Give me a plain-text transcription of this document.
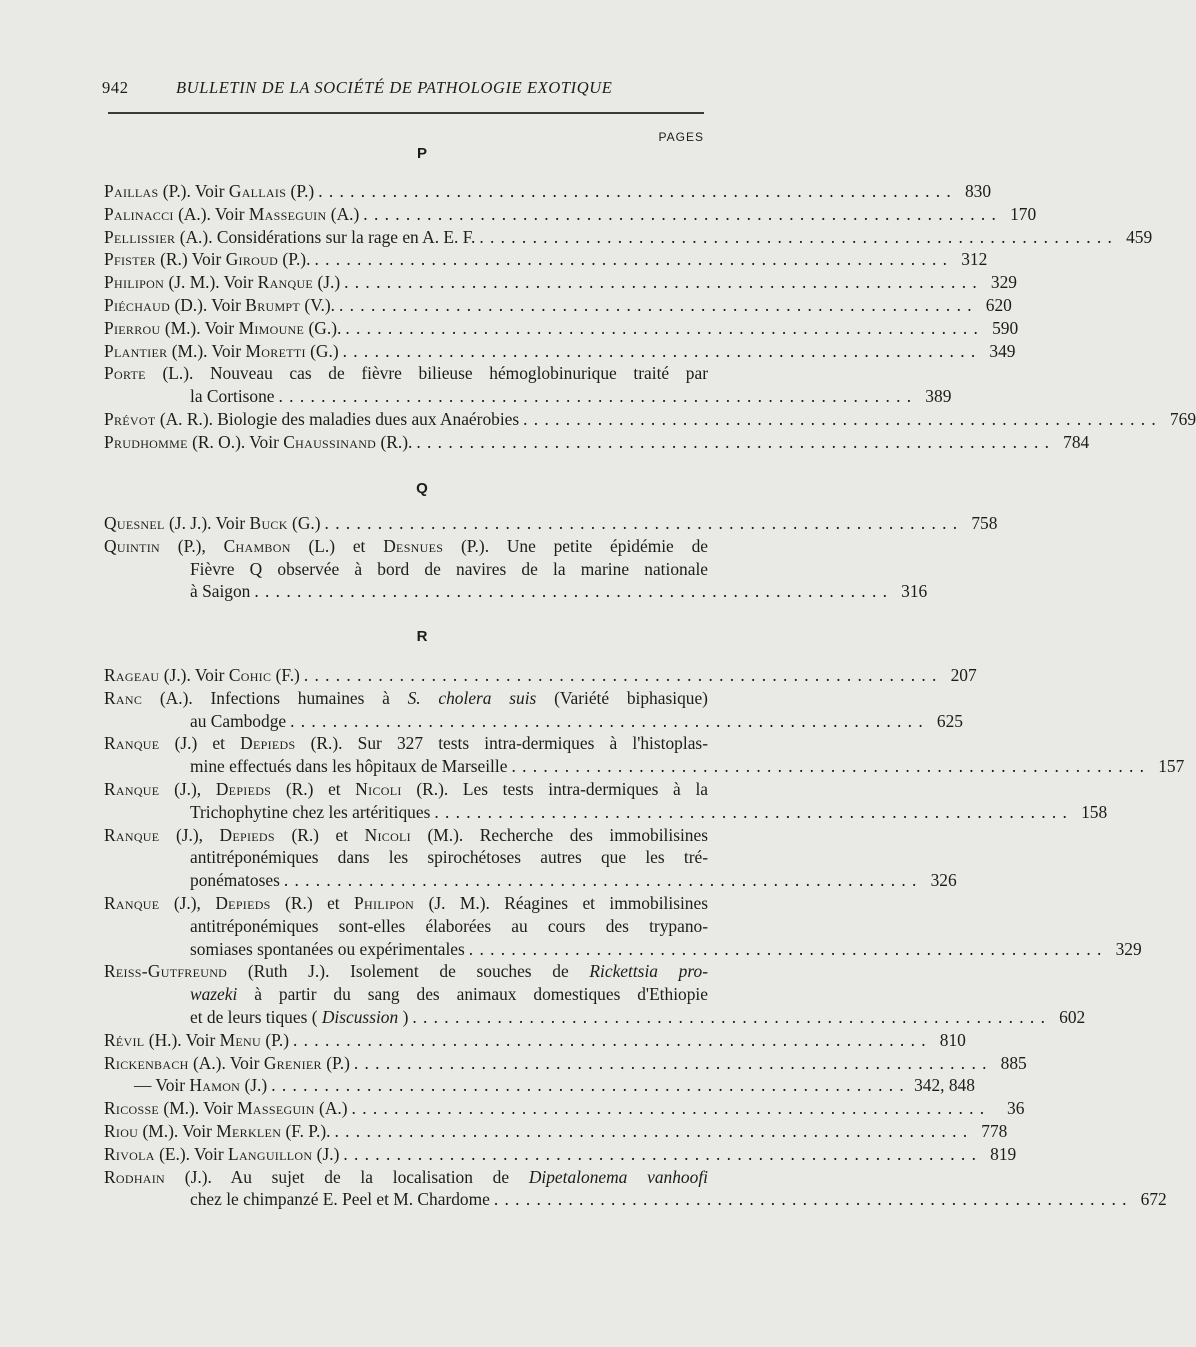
942	BULLETIN DE LA SOCIÉTÉ DE PATHOLOGIE EXOTIQUE
PAGES
P
Paillas (P.). Voir Gallais (P.) ............................................................ 830
Palinacci (A.). Voir Masseguin (A.) ............................................................ 170
Pellissier (A.). Considérations sur la rage en A. E. F. ............................................................ 459
Pfister (R.) Voir Giroud (P.). ............................................................ 312
Philipon (J. M.). Voir Ranque (J.) ............................................................ 329
Piéchaud (D.). Voir Brumpt (V.). ............................................................ 620
Pierrou (M.). Voir Mimoune (G.). ............................................................ 590
Plantier (M.). Voir Moretti (G.) ............................................................ 349
Porte (L.). Nouveau cas de fièvre bilieuse hémoglobinurique traité par
la Cortisone ............................................................ 389
Prévot (A. R.). Biologie des maladies dues aux Anaérobies ............................................................ 769
Prudhomme (R. O.). Voir Chaussinand (R.). ............................................................ 784
Q
Quesnel (J. J.). Voir Buck (G.) ............................................................ 758
Quintin (P.), Chambon (L.) et Desnues (P.). Une petite épidémie de
Fièvre Q observée à bord de navires de la marine nationale
à Saigon ............................................................ 316
R
Rageau (J.). Voir Cohic (F.) ............................................................ 207
Ranc (A.). Infections humaines à S. cholera suis (Variété biphasique)
au Cambodge ............................................................ 625
Ranque (J.) et Depieds (R.). Sur 327 tests intra-dermiques à l'histoplas-
mine effectués dans les hôpitaux de Marseille ............................................................ 157
Ranque (J.), Depieds (R.) et Nicoli (R.). Les tests intra-dermiques à la
Trichophytine chez les artéritiques ............................................................ 158
Ranque (J.), Depieds (R.) et Nicoli (M.). Recherche des immobilisines
antitréponémiques dans les spirochétoses autres que les tré-
ponématoses ............................................................ 326
Ranque (J.), Depieds (R.) et Philipon (J. M.). Réagines et immobilisines
antitréponémiques sont-elles élaborées au cours des trypano-
somiases spontanées ou expérimentales ............................................................ 329
Reiss-Gutfreund (Ruth J.). Isolement de souches de Rickettsia pro-
wazeki à partir du sang des animaux domestiques d'Ethiopie
et de leurs tiques ( Discussion ) ............................................................ 602
Révil (H.). Voir Menu (P.) ............................................................ 810
Rickenbach (A.). Voir Grenier (P.) ............................................................ 885
— Voir Hamon (J.) ............................................................ 342, 848
Ricosse (M.). Voir Masseguin (A.) ............................................................ 36
Riou (M.). Voir Merklen (F. P.). ............................................................ 778
Rivola (E.). Voir Languillon (J.) ............................................................ 819
Rodhain (J.). Au sujet de la localisation de Dipetalonema vanhoofi
chez le chimpanzé E. Peel et M. Chardome ............................................................ 672
